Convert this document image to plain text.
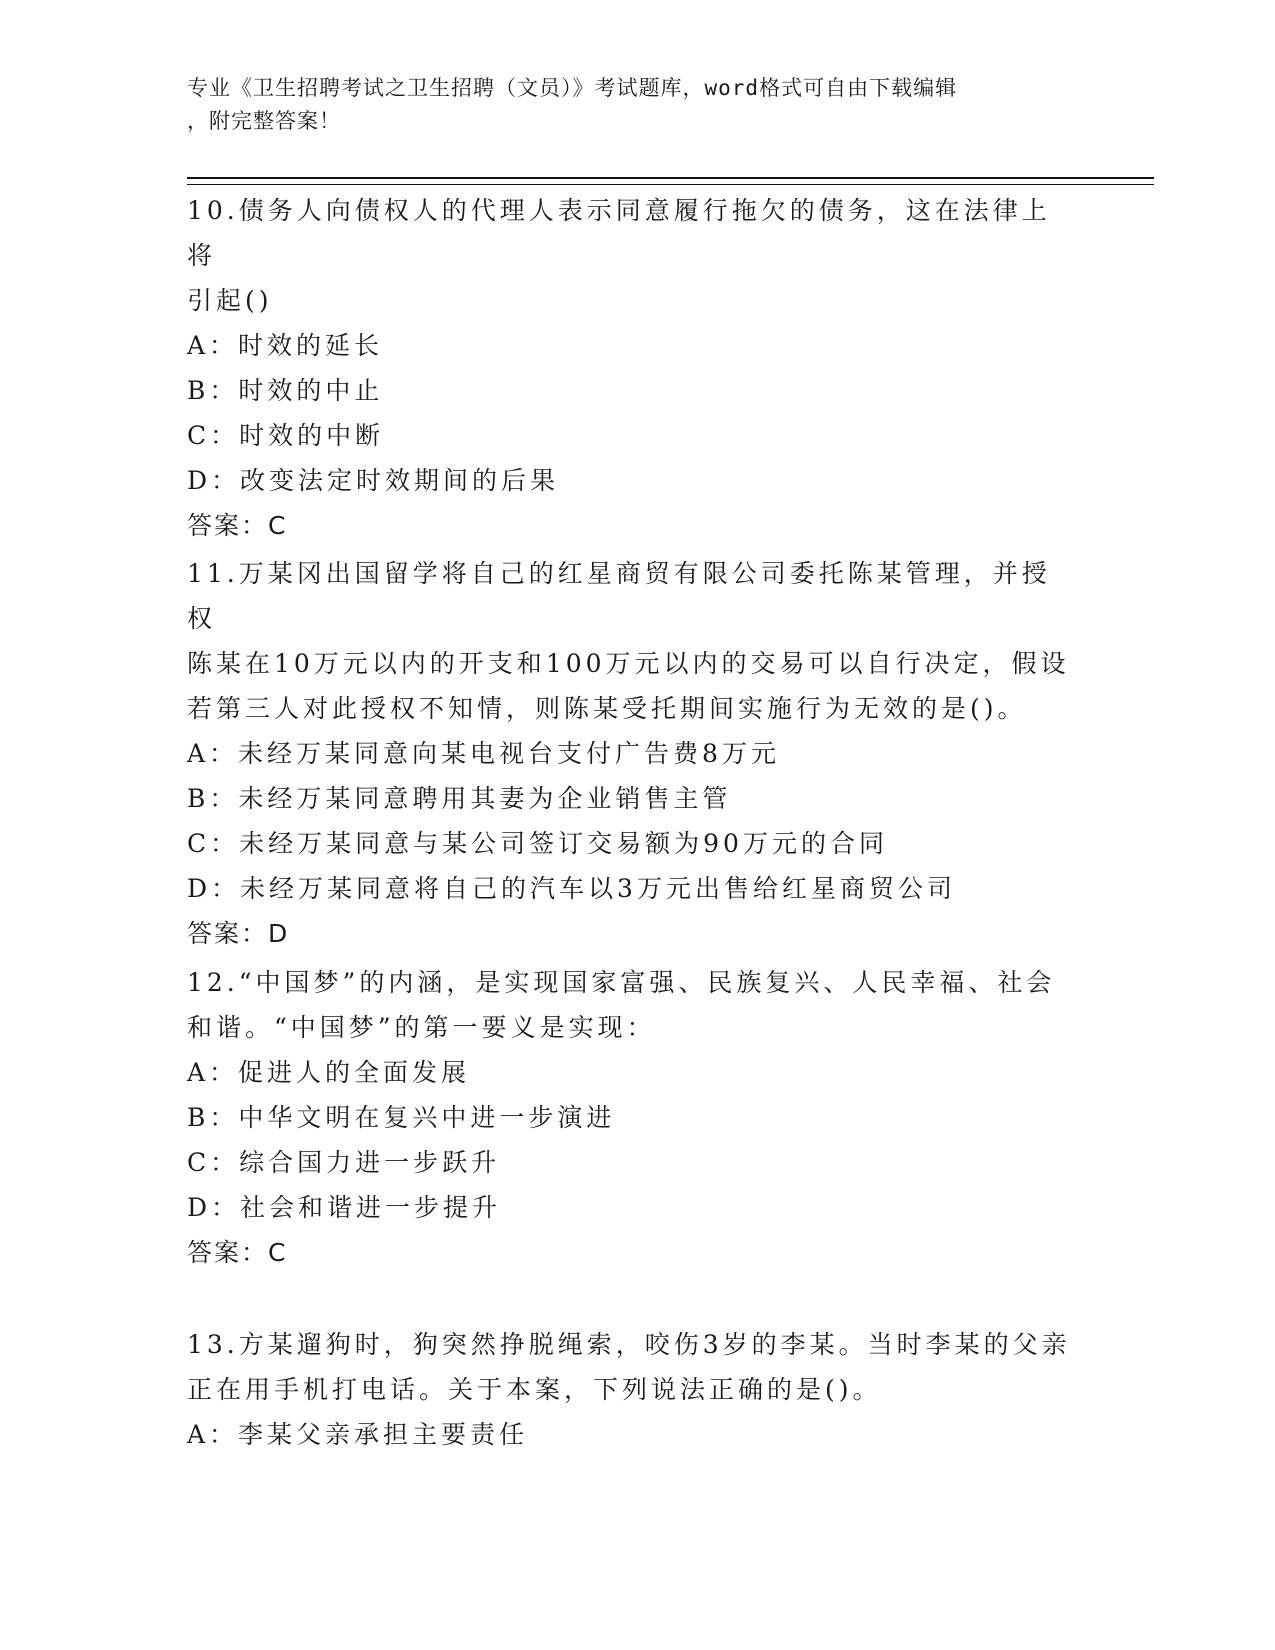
专业《卫生招聘考试之卫生招聘（文员）》考试题库，word格式可自由下载编辑
，附完整答案！

10.债务人向债权人的代理人表示同意履行拖欠的债务，这在法律上将

引起()

A：时效的延长

B：时效的中止

C：时效的中断

D：改变法定时效期间的后果

答案：C

11.万某冈出国留学将自己的红星商贸有限公司委托陈某管理，并授权

陈某在10万元以内的开支和100万元以内的交易可以自行决定，假设

若第三人对此授权不知情，则陈某受托期间实施行为无效的是()。

A：未经万某同意向某电视台支付广告费8万元

B：未经万某同意聘用其妻为企业销售主管

C：未经万某同意与某公司签订交易额为90万元的合同

D：未经万某同意将自己的汽车以3万元出售给红星商贸公司

答案：D

12.“中国梦”的内涵，是实现国家富强、民族复兴、人民幸福、社会

和谐。“中国梦”的第一要义是实现：

A：促进人的全面发展

B：中华文明在复兴中进一步演进

C：综合国力进一步跃升

D：社会和谐进一步提升

答案：C

13.方某遛狗时，狗突然挣脱绳索，咬伤3岁的李某。当时李某的父亲

正在用手机打电话。关于本案，下列说法正确的是()。

A：李某父亲承担主要责任
